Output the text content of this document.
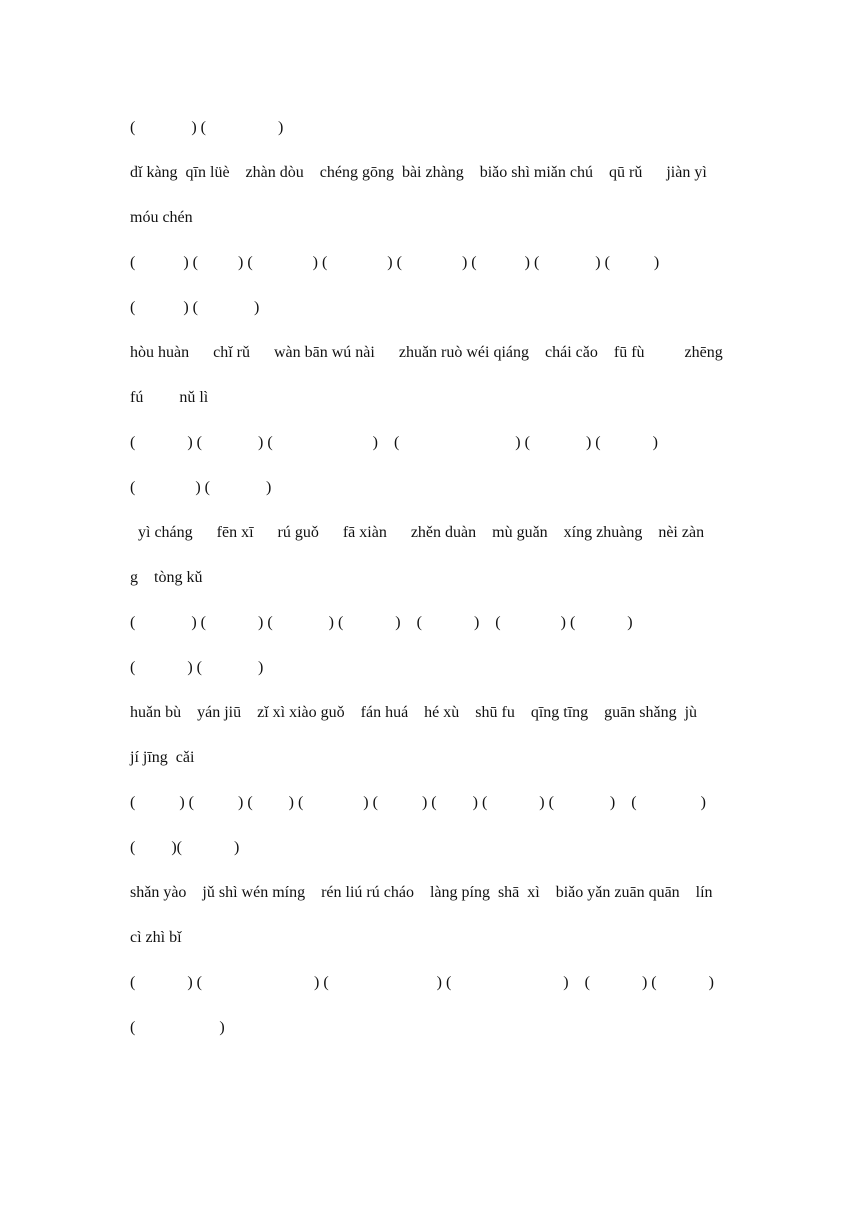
(              ) (                  )
dǐ kàng  qīn lüè    zhàn dòu    chéng gōng  bài zhàng    biǎo shì miǎn chú    qū rǔ      jiàn yì
móu chén
(            ) (          ) (               ) (               ) (               ) (            ) (              ) (           )
(            ) (              )
hòu huàn      chǐ rǔ      wàn bān wú nài      zhuǎn ruò wéi qiáng    chái cǎo    fū fù          zhēng
fú         nǔ lì
(             ) (              ) (                         )    (                             ) (              ) (             )
(               ) (              )
yì cháng      fēn xī      rú guǒ      fā xiàn      zhěn duàn    mù guǎn    xíng zhuàng    nèi zàn
g    tòng kǔ
(              ) (             ) (              ) (             )    (             )    (               ) (             )
(             ) (              )
huǎn bù    yán jiū    zǐ xì xiào guǒ    fán huá    hé xù    shū fu    qīng tīng    guān shǎng  jù
jí jīng  cǎi
(           ) (           ) (         ) (               ) (           ) (         ) (             ) (              )    (                )
(         )(             )
shǎn yào    jǔ shì wén míng    rén liú rú cháo    làng píng  shā  xì    biǎo yǎn zuān quān    lín
cì zhì bǐ
(             ) (                            ) (                           ) (                            )    (             ) (             )
(                     )
